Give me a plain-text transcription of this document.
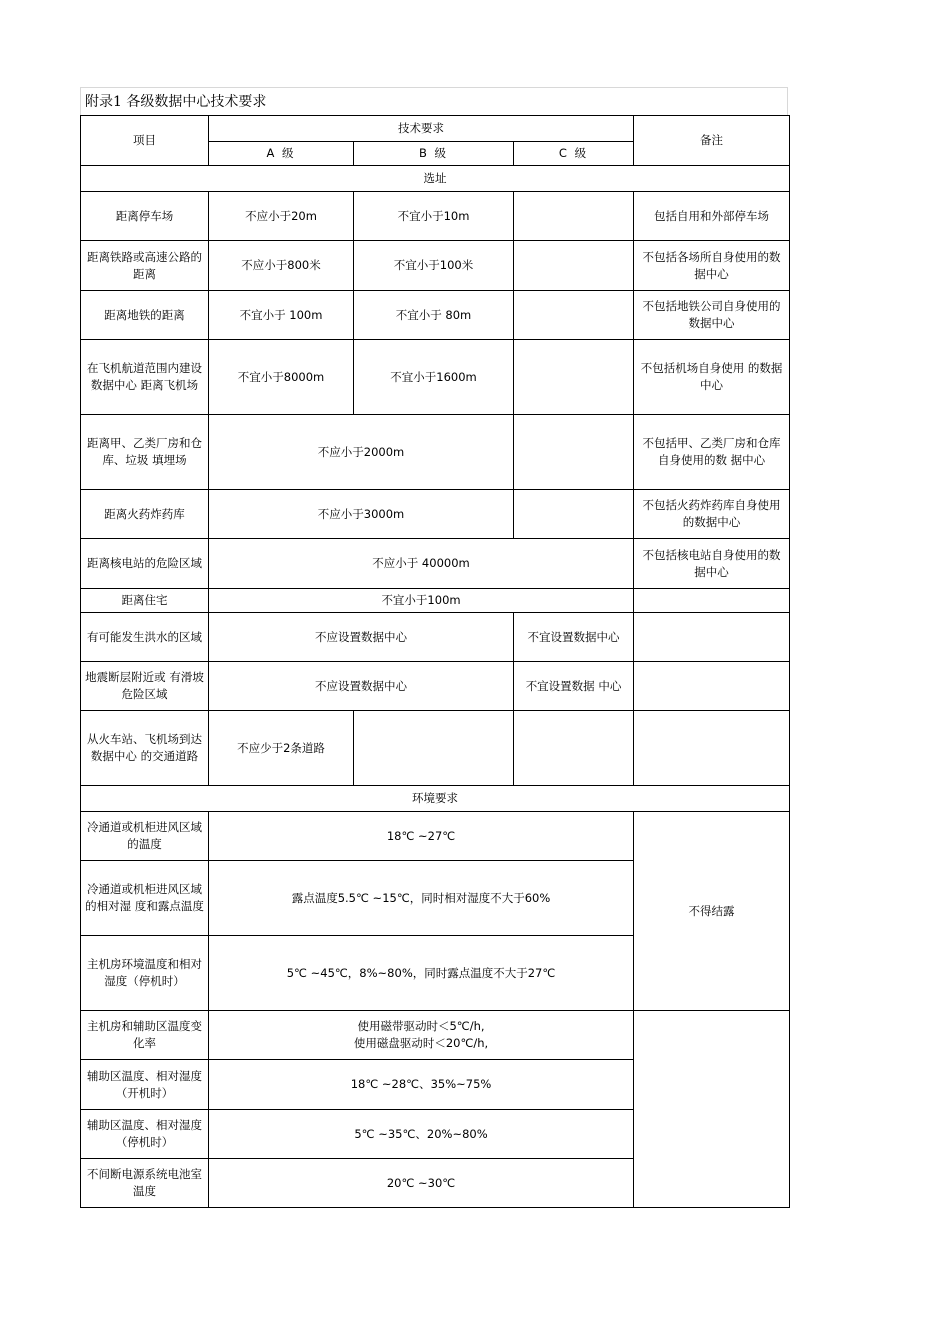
附录1 各级数据中心技术要求
项目	技术要求			备注
	A 级	B 级	C 级	
选址				
距离停车场	不应小于20m	不宜小于10m		包括自用和外部停车场
距离铁路或高速公路的距离	不应小于800米	不宜小于100米		不包括各场所自身使用的数据中心
距离地铁的距离	不宜小于 100m	不宜小于 80m		不包括地铁公司自身使用的数据中心
在飞机航道范围内建设数据中心 距离飞机场	不宜小于8000m	不宜小于1600m		不包括机场自身使用 的数据中心
距离甲、乙类厂房和仓库、垃圾 填埋场	不应小于2000m			不包括甲、乙类厂房和仓库自身使用的数 据中心
距离火药炸药库	不应小于3000m			不包括火药炸药库自身使用的数据中心
距离核电站的危险区域	不应小于 40000m			不包括核电站自身使用的数据中心
距离住宅	不宜小于100m			
有可能发生洪水的区域	不应设置数据中心		不宜设置数据中心	
地震断层附近或 有滑坡危险区域	不应设置数据中心		不宜设置数据 中心	
从火车站、飞机场到达数据中心 的交通道路	不应少于2条道路			
环境要求				
冷通道或机柜进风区域的温度	18℃ ~27℃			不得结露
冷通道或机柜进风区域的相对湿 度和露点温度	露点温度5.5℃ ~15℃，同时相对湿度不大于60%			
主机房环境温度和相对湿度（停机时）	5℃ ~45℃，8%~80%，同时露点温度不大于27℃			
主机房和辅助区温度变化率	使用磁带驱动时＜5℃/h,
使用磁盘驱动时＜20℃/h,			

辅助区温度、相对湿度（开机时）	18℃ ~28℃、35%~75%			
辅助区温度、相对湿度（停机时）	5℃ ~35℃、20%~80%			
不间断电源系统电池室温度	20℃ ~30℃			
